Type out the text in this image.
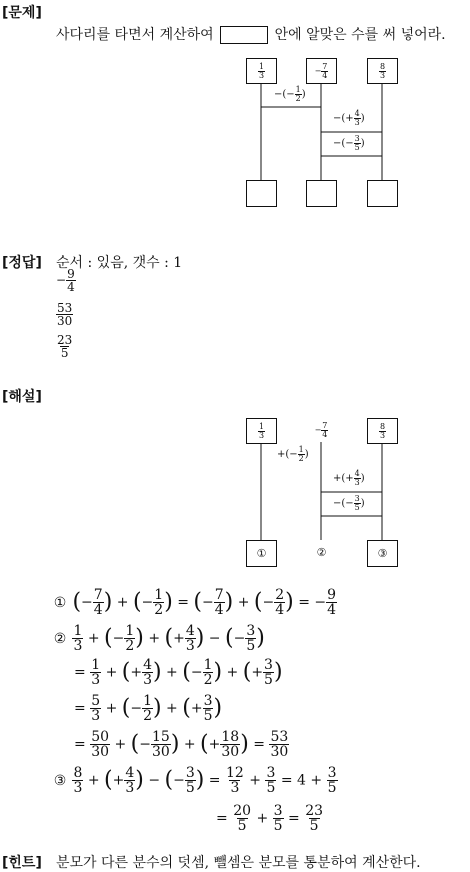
[문제]
사다리를 타면서 계산하여	안에 알맞은 수를 써 넣어라.
$\frac{1}{3}$	− $\frac{7}{4}$	$\frac{8}{3}$
−(− $\frac{1}{2}$ )
−(+ $\frac{4}{3}$ )
−(− $\frac{3}{5}$ )
[정답] 순서 : 있음, 갯수 : 1
− $\frac{9}{4}$
$\frac{53}{30}$
$\frac{23}{5}$
[해설]
$\frac{1}{3}$	− $\frac{7}{4}$	$\frac{8}{3}$
+(− $\frac{1}{2}$ )
+(+ $\frac{4}{3}$ )
−(− $\frac{3}{5}$ )
①	②	③
① (− $\frac{7}{4}$ ) + (− $\frac{1}{2}$ ) = (− $\frac{7}{4}$ ) + (− $\frac{2}{4}$ ) = − $\frac{9}{4}$
② $\frac{1}{3}$ + (− $\frac{1}{2}$ ) + (+ $\frac{4}{3}$ ) − (− $\frac{3}{5}$ )
= $\frac{1}{3}$ + (+ $\frac{4}{3}$ ) + (− $\frac{1}{2}$ ) + (+ $\frac{3}{5}$ )
= $\frac{5}{3}$ + (− $\frac{1}{2}$ ) + (+ $\frac{3}{5}$ )
= $\frac{50}{30}$ + (− $\frac{15}{30}$ ) + (+ $\frac{18}{30}$ ) = $\frac{53}{30}$
③ $\frac{8}{3}$ + (+ $\frac{4}{3}$ ) − (− $\frac{3}{5}$ ) = $\frac{12}{3} + \frac{3}{5} = 4 + \frac{3}{5}$
= $\frac{20}{5} + \frac{3}{5} = \frac{23}{5}$
[힌트] 분모가 다른 분수의 덧셈, 뺄셈은 분모를 통분하여 계산한다.
